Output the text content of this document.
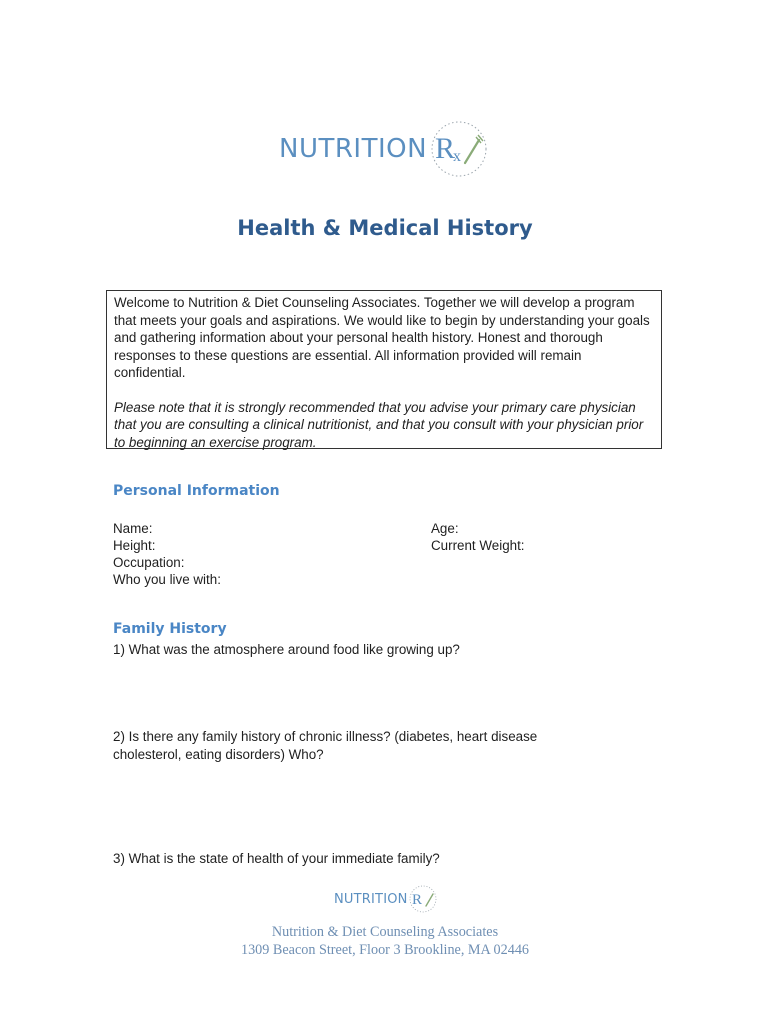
NUTRITION R
x
Health & Medical History

Welcome to Nutrition & Diet Counseling Associates. Together we will develop a program that meets your goals and aspirations. We would like to begin by understanding your goals and gathering information about your personal health history. Honest and thorough responses to these questions are essential. All information provided will remain confidential.

Please note that it is strongly recommended that you advise your primary care physician that you are consulting a clinical nutritionist, and that you consult with your physician prior to beginning an exercise program.

Personal Information
Name:	Age:
Height:	Current Weight:
Occupation:
Who you live with:
Family History
1) What was the atmosphere around food like growing up?
2) Is there any family history of chronic illness? (diabetes, heart disease cholesterol, eating disorders) Who?
3) What is the state of health of your immediate family?
NUTRITION R
Nutrition & Diet Counseling Associates
1309 Beacon Street, Floor 3 Brookline, MA 02446
